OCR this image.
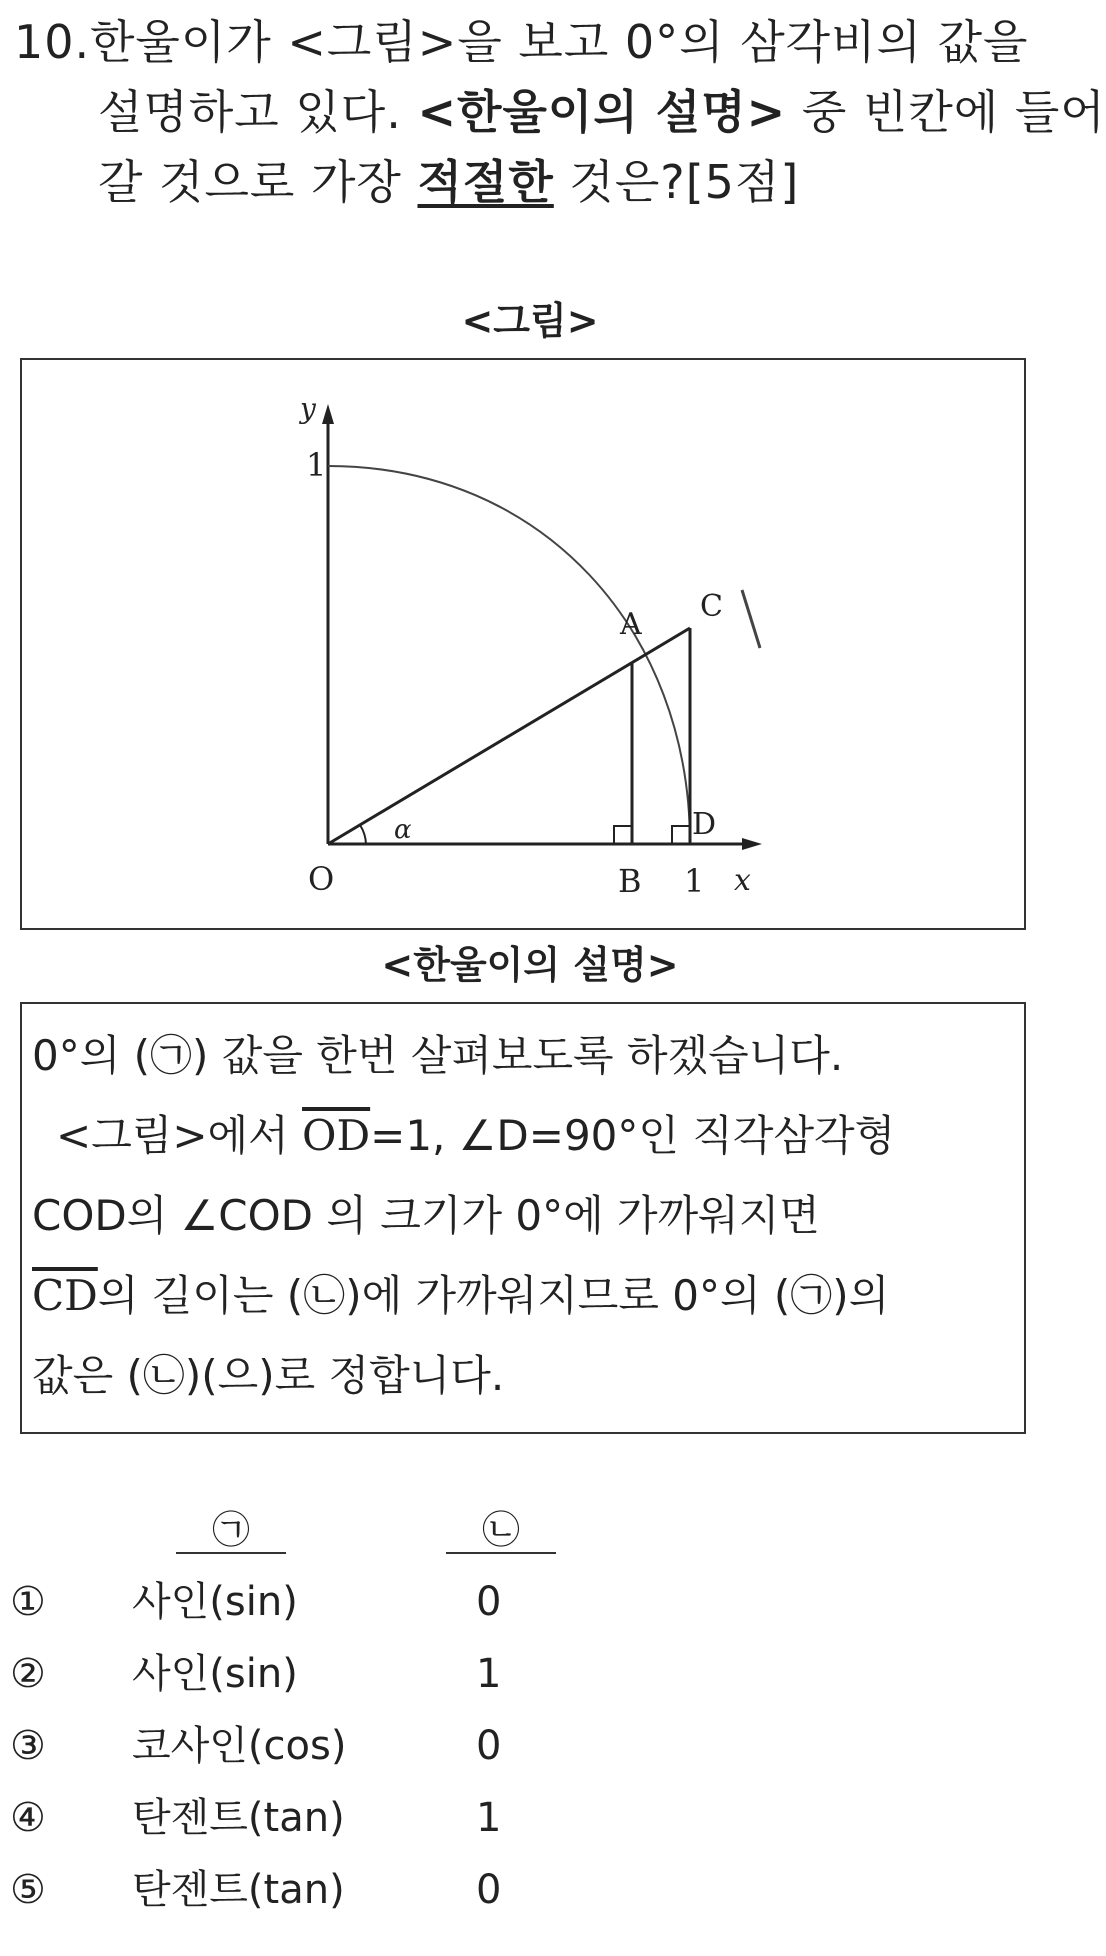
10. 한울이가 <그림>을 보고 0°의 삼각비의 값을
설명하고 있다. <한울이의 설명> 중 빈칸에 들어
갈 것으로 가장 적절한 것은?[5점]
<그림>
y
1
O
A
C
B
D
1 x
α
<한울이의 설명>
0°의 (㉠) 값을 한번 살펴보도록 하겠습니다.
<그림>에서 $\overline{OD}=1$, ∠D=90°인 직각삼각형
COD의 ∠COD 의 크기가 0°에 가까워지면
$\overline{CD}$의 길이는 (㉡)에 가까워지므로 0°의 (㉠)의
값은 (㉡)(으)로 정합니다.
㉠	㉡
① 사인(sin)	0
② 사인(sin)	1
③ 코사인(cos)	0
④ 탄젠트(tan)	1
⑤ 탄젠트(tan)	0
